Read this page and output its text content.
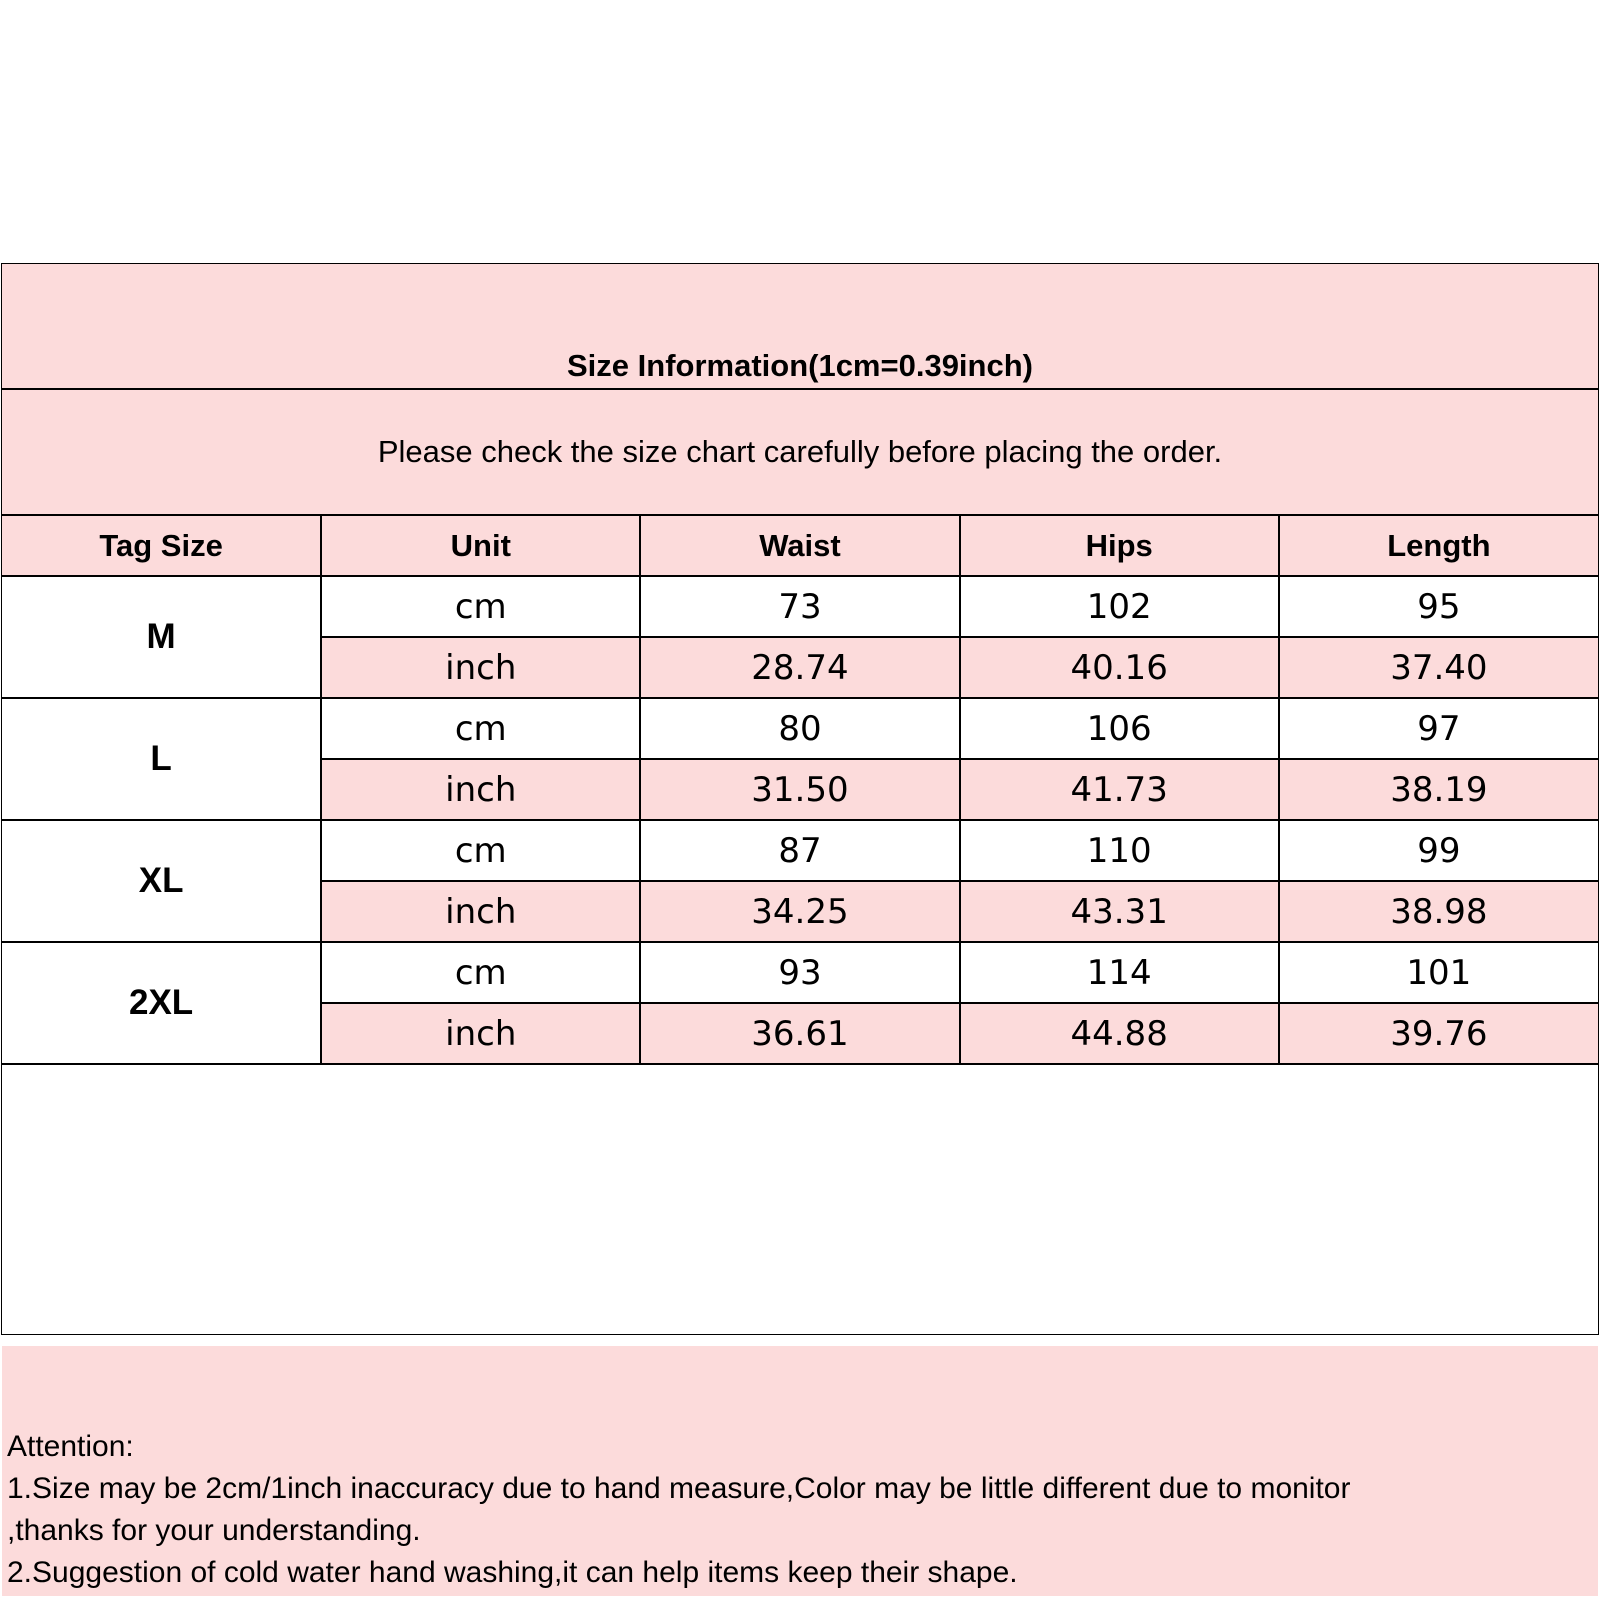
Size Information(1cm=0.39inch)
Please check the size chart carefully before placing the order.
Tag Size	Unit	Waist	Hips	Length
M	cm	73	102	95
	inch	28.74	40.16	37.40
L	cm	80	106	97
	inch	31.50	41.73	38.19
XL	cm	87	110	99
	inch	34.25	43.31	38.98
2XL	cm	93	114	101
	inch	36.61	44.88	39.76
Attention:
1.Size may be 2cm/1inch inaccuracy due to hand measure,Color may be little different due to monitor
,thanks for your understanding.
2.Suggestion of cold water hand washing,it can help items keep their shape.
